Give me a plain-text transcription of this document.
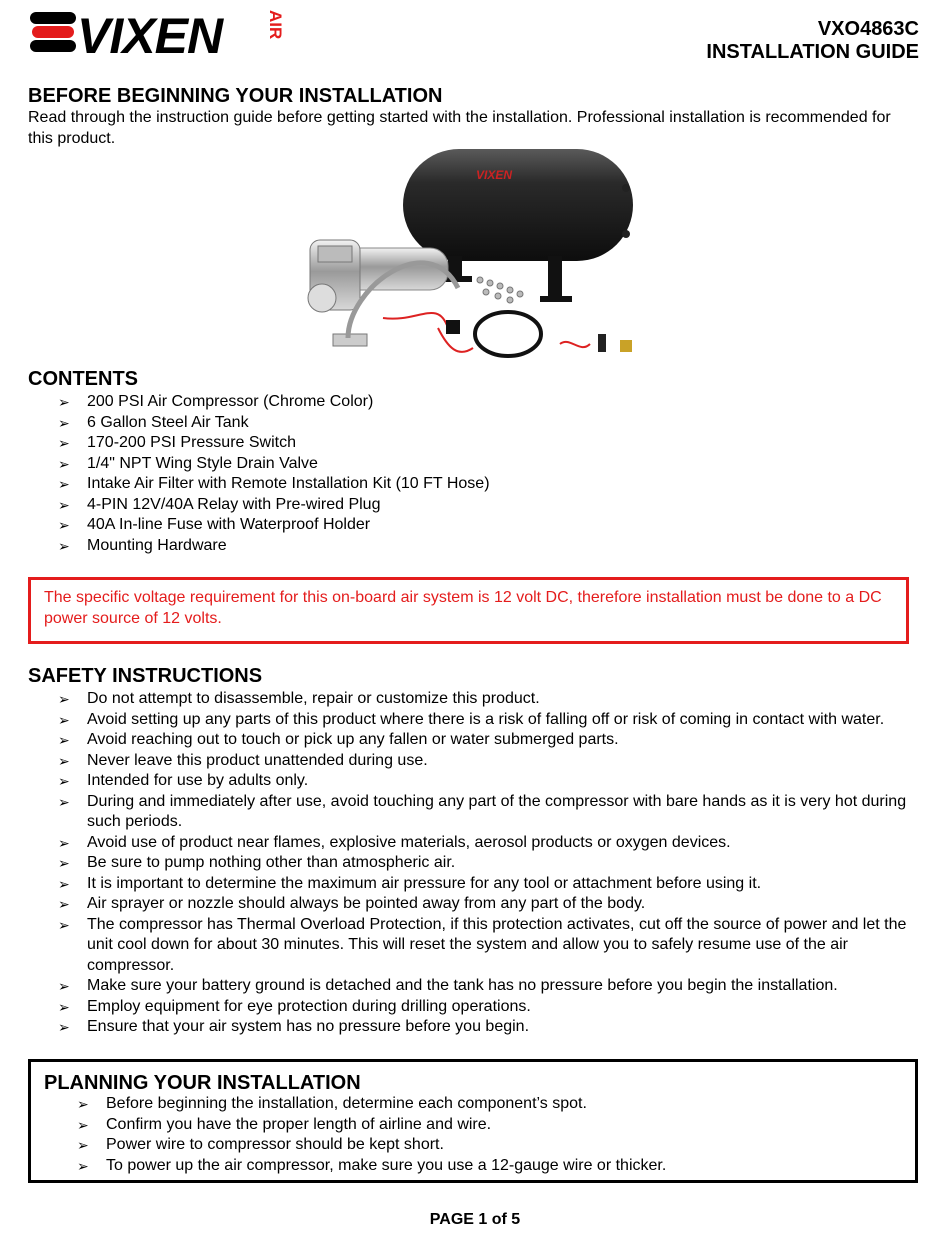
VIXEN	AIR	VXO4863C
INSTALLATION GUIDE
BEFORE BEGINNING YOUR INSTALLATION
Read through the instruction guide before getting started with the installation. Professional installation is recommended for this product.
VIXEN
CONTENTS
➢ 200 PSI Air Compressor (Chrome Color)
➢ 6 Gallon Steel Air Tank
➢ 170-200 PSI Pressure Switch
➢ 1/4" NPT Wing Style Drain Valve
➢ Intake Air Filter with Remote Installation Kit (10 FT Hose)
➢ 4-PIN 12V/40A Relay with Pre-wired Plug
➢ 40A In-line Fuse with Waterproof Holder
➢ Mounting Hardware
The specific voltage requirement for this on-board air system is 12 volt DC, therefore installation must be done to a DC power source of 12 volts.
SAFETY INSTRUCTIONS
➢ Do not attempt to disassemble, repair or customize this product.
➢ Avoid setting up any parts of this product where there is a risk of falling off or risk of coming in contact with water.
➢ Avoid reaching out to touch or pick up any fallen or water submerged parts.
➢ Never leave this product unattended during use.
➢ Intended for use by adults only.
➢ During and immediately after use, avoid touching any part of the compressor with bare hands as it is very hot during such periods.
➢ Avoid use of product near flames, explosive materials, aerosol products or oxygen devices.
➢ Be sure to pump nothing other than atmospheric air.
➢ It is important to determine the maximum air pressure for any tool or attachment before using it.
➢ Air sprayer or nozzle should always be pointed away from any part of the body.
➢ The compressor has Thermal Overload Protection, if this protection activates, cut off the source of power and let the unit cool down for about 30 minutes. This will reset the system and allow you to safely resume use of the air compressor.
➢ Make sure your battery ground is detached and the tank has no pressure before you begin the installation.
➢ Employ equipment for eye protection during drilling operations.
➢ Ensure that your air system has no pressure before you begin.
PLANNING YOUR INSTALLATION
➢ Before beginning the installation, determine each component’s spot.
➢ Confirm you have the proper length of airline and wire.
➢ Power wire to compressor should be kept short.
➢ To power up the air compressor, make sure you use a 12-gauge wire or thicker.
PAGE 1 of 5
